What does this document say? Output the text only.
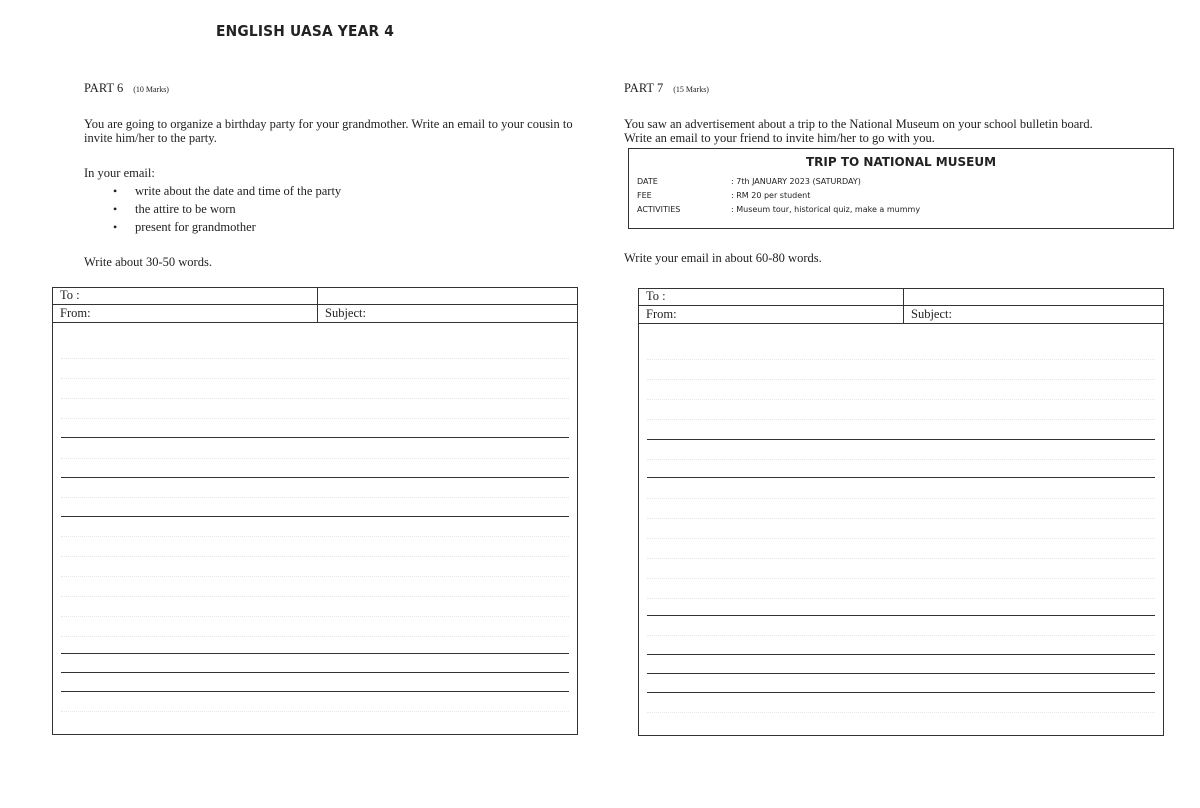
ENGLISH UASA YEAR 4
PART 6 (10 Marks)
You are going to organize a birthday party for your grandmother. Write an email to your cousin to invite him/her to the party.
In your email:
• write about the date and time of the party
• the attire to be worn
• present for grandmother
Write about 30-50 words.
To :
From:	Subject:
PART 7 (15 Marks)
You saw an advertisement about a trip to the National Museum on your school bulletin board. Write an email to your friend to invite him/her to go with you.
TRIP TO NATIONAL MUSEUM
DATE	: 7th JANUARY 2023 (SATURDAY)
FEE	: RM 20 per student
ACTIVITIES	: Museum tour, historical quiz, make a mummy
Write your email in about 60-80 words.
To :
From:	Subject:
